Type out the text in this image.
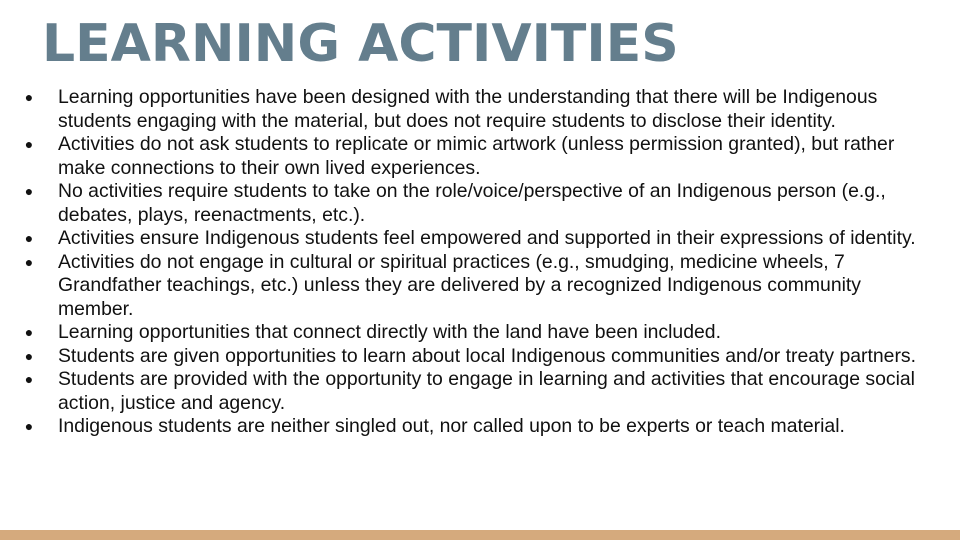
LEARNING ACTIVITIES
● Learning opportunities have been designed with the understanding that there will be Indigenous students engaging with the material, but does not require students to disclose their identity.
● Activities do not ask students to replicate or mimic artwork (unless permission granted), but rather make connections to their own lived experiences.
● No activities require students to take on the role/voice/perspective of an Indigenous person (e.g., debates, plays, reenactments, etc.).
● Activities ensure Indigenous students feel empowered and supported in their expressions of identity.
● Activities do not engage in cultural or spiritual practices (e.g., smudging, medicine wheels, 7 Grandfather teachings, etc.) unless they are delivered by a recognized Indigenous community member.
● Learning opportunities that connect directly with the land have been included.
● Students are given opportunities to learn about local Indigenous communities and/or treaty partners.
● Students are provided with the opportunity to engage in learning and activities that encourage social action, justice and agency.
● Indigenous students are neither singled out, nor called upon to be experts or teach material.
